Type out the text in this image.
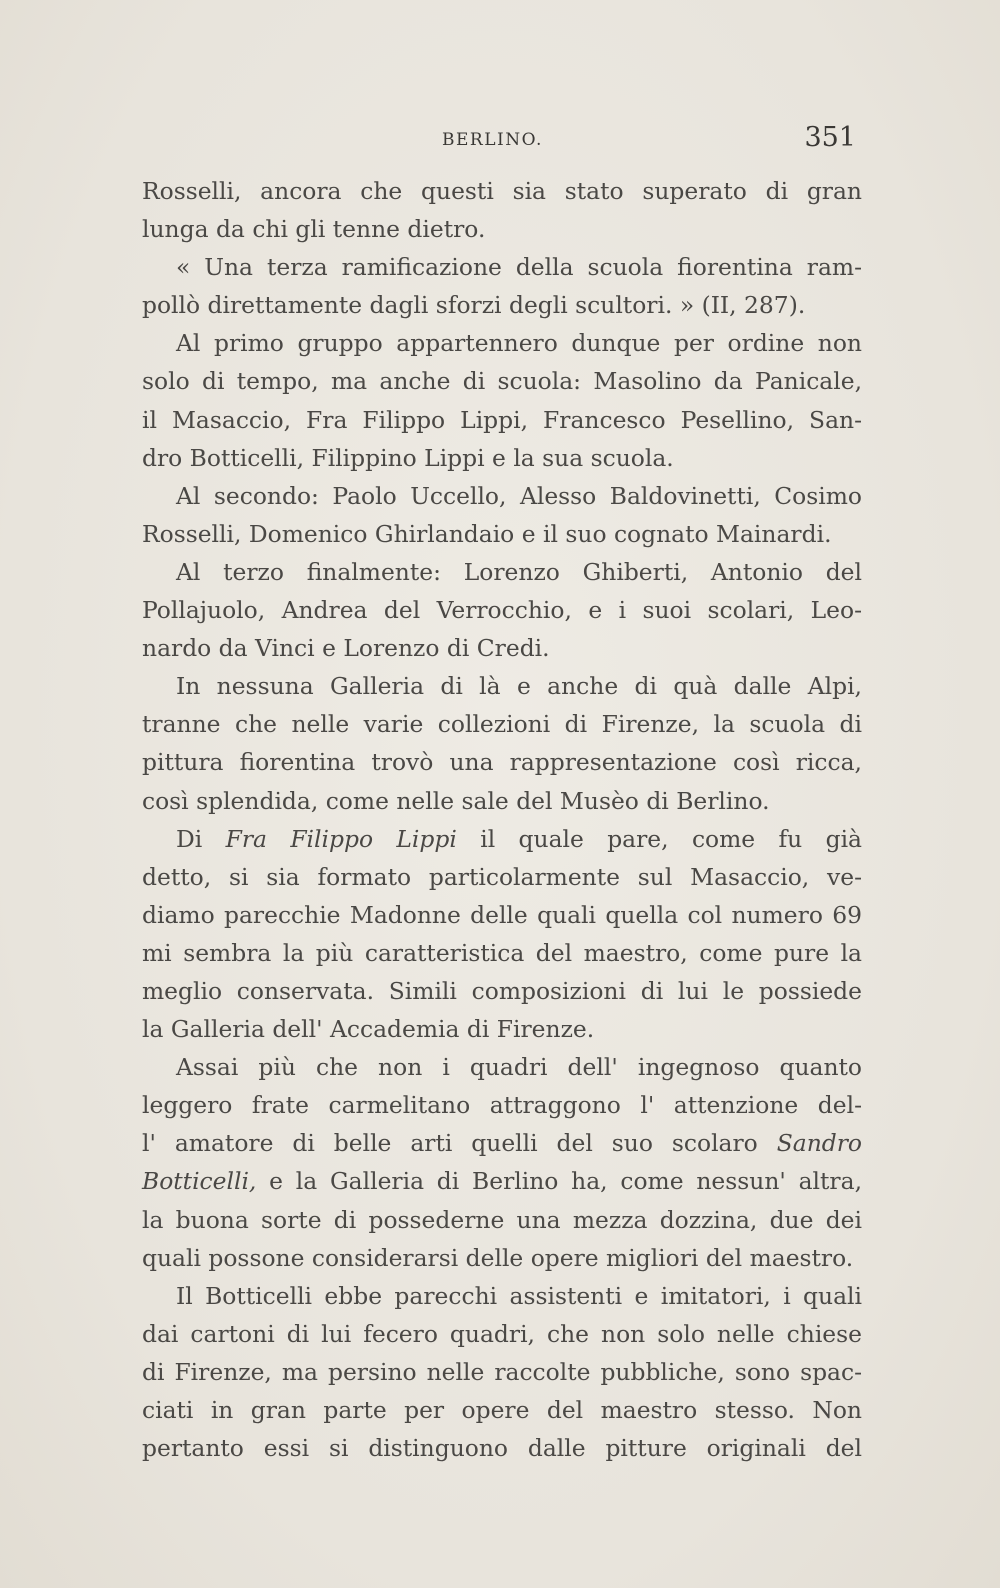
BERLINO.	351
Rosselli, ancora che questi sia stato superato di gran
lunga da chi gli tenne dietro.
« Una terza ramificazione della scuola fiorentina ram-
pollò direttamente dagli sforzi degli scultori. » (II, 287).
Al primo gruppo appartennero dunque per ordine non
solo di tempo, ma anche di scuola: Masolino da Panicale,
il Masaccio, Fra Filippo Lippi, Francesco Pesellino, San-
dro Botticelli, Filippino Lippi e la sua scuola.
Al secondo: Paolo Uccello, Alesso Baldovinetti, Cosimo
Rosselli, Domenico Ghirlandaio e il suo cognato Mainardi.
Al terzo finalmente: Lorenzo Ghiberti, Antonio del
Pollajuolo, Andrea del Verrocchio, e i suoi scolari, Leo-
nardo da Vinci e Lorenzo di Credi.
In nessuna Galleria di là e anche di quà dalle Alpi,
tranne che nelle varie collezioni di Firenze, la scuola di
pittura fiorentina trovò una rappresentazione così ricca,
così splendida, come nelle sale del Musèo di Berlino.
Di Fra Filippo Lippi il quale pare, come fu già
detto, si sia formato particolarmente sul Masaccio, ve-
diamo parecchie Madonne delle quali quella col numero 69
mi sembra la più caratteristica del maestro, come pure la
meglio conservata. Simili composizioni di lui le possiede
la Galleria dell' Accademia di Firenze.
Assai più che non i quadri dell' ingegnoso quanto
leggero frate carmelitano attraggono l' attenzione del-
l' amatore di belle arti quelli del suo scolaro Sandro
Botticelli, e la Galleria di Berlino ha, come nessun' altra,
la buona sorte di possederne una mezza dozzina, due dei
quali possone considerarsi delle opere migliori del maestro.
Il Botticelli ebbe parecchi assistenti e imitatori, i quali
dai cartoni di lui fecero quadri, che non solo nelle chiese
di Firenze, ma persino nelle raccolte pubbliche, sono spac-
ciati in gran parte per opere del maestro stesso. Non
pertanto essi si distinguono dalle pitture originali del
